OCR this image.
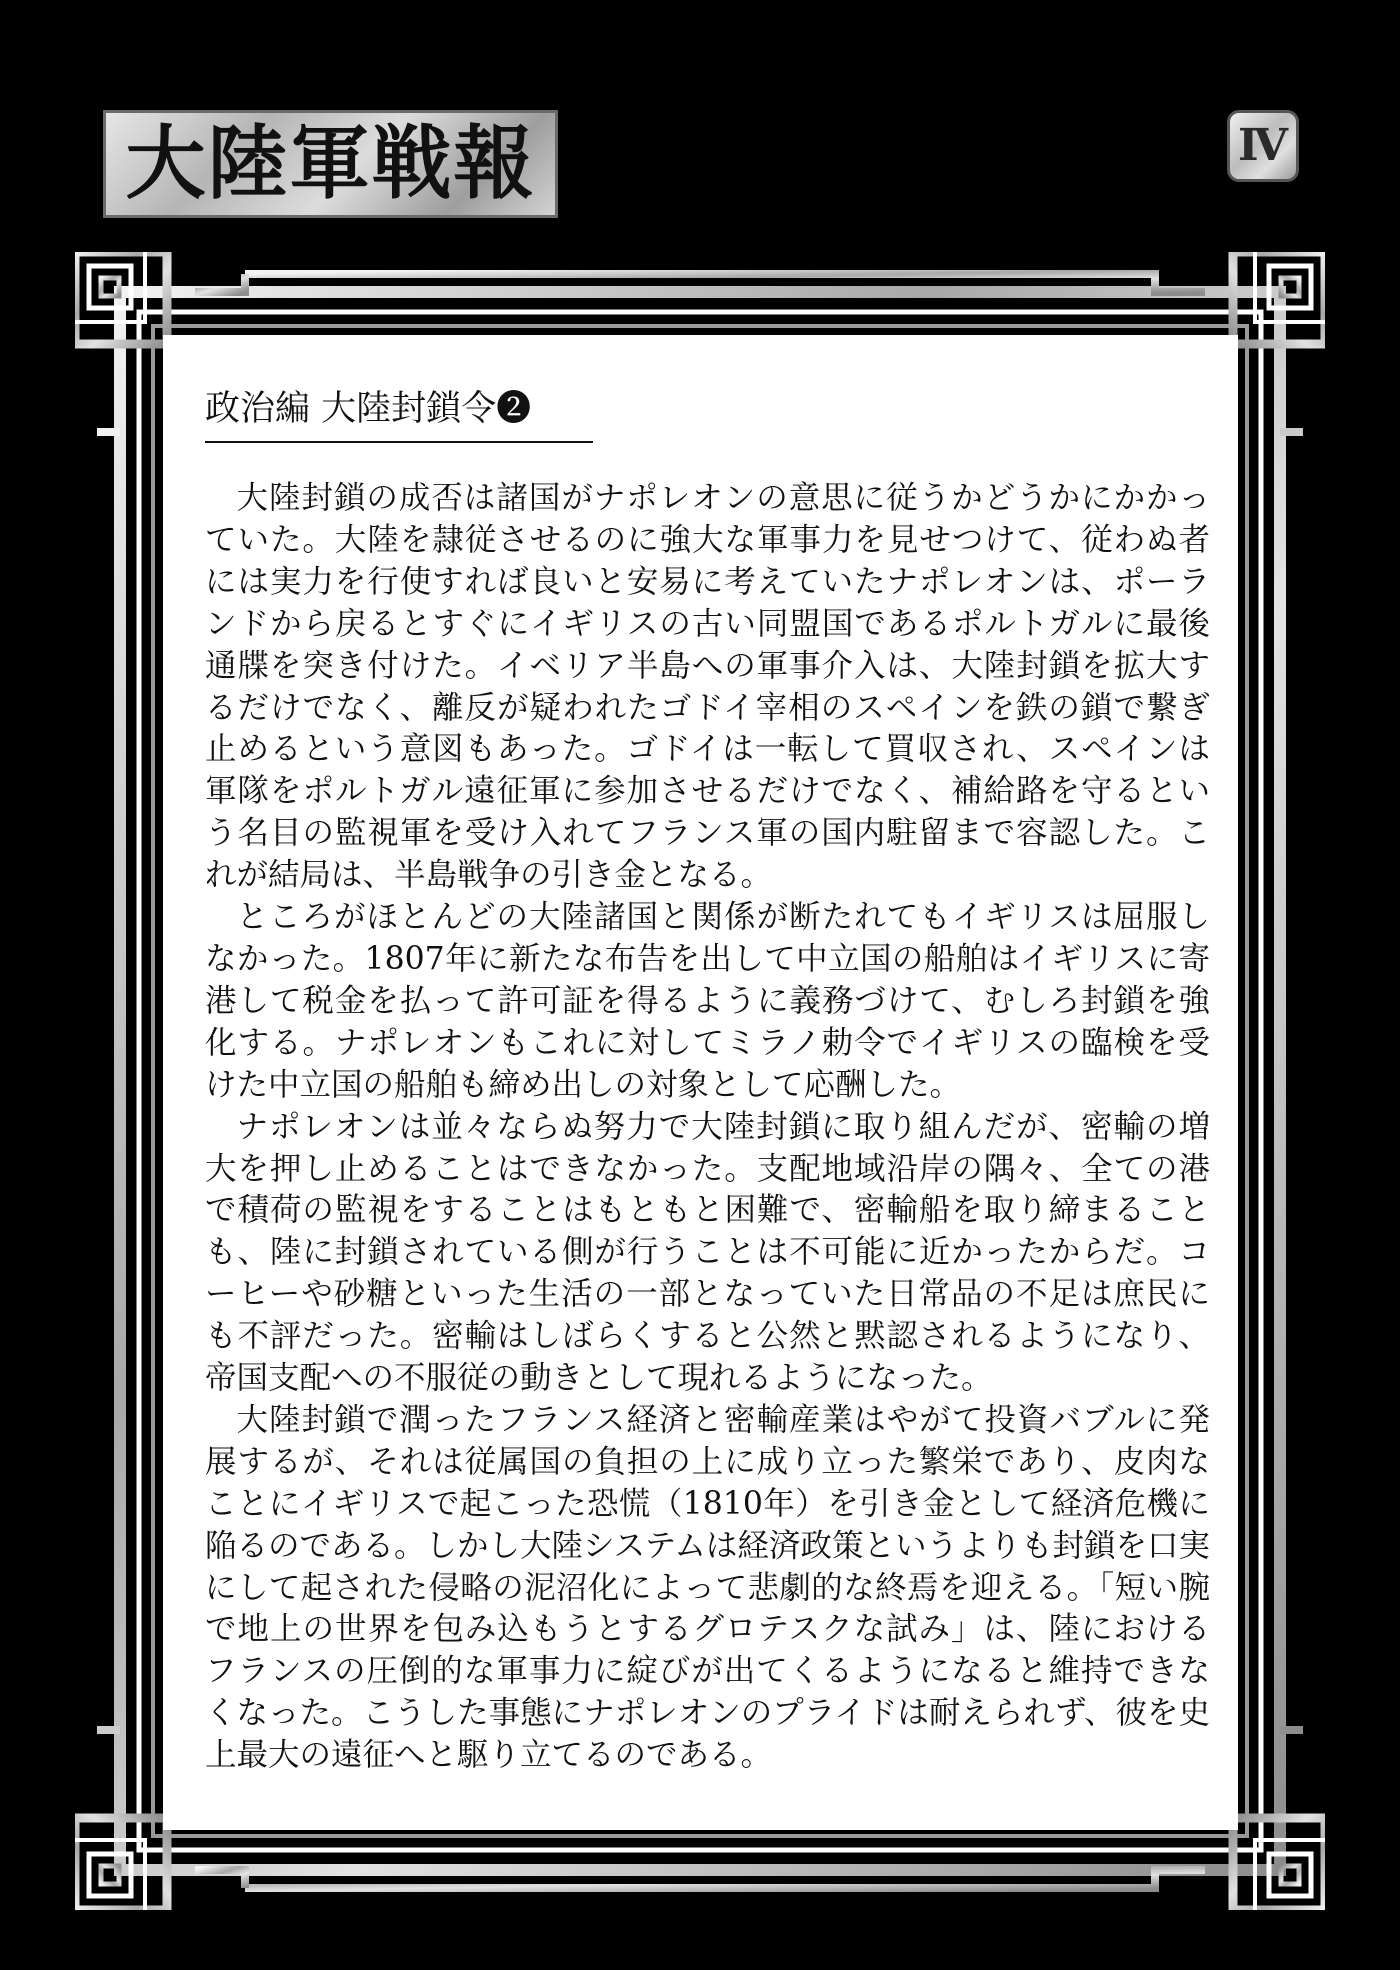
大陸軍戦報	Ⅳ
政治編 大陸封鎖令❷

大陸封鎖の成否は諸国がナポレオンの意思に従うかどうかにかかっていた。大陸を隷従させるのに強大な軍事力を見せつけて、従わぬ者には実力を行使すれば良いと安易に考えていたナポレオンは、ポーランドから戻るとすぐにイギリスの古い同盟国であるポルトガルに最後通牒を突き付けた。イベリア半島への軍事介入は、大陸封鎖を拡大するだけでなく、離反が疑われたゴドイ宰相のスペインを鉄の鎖で繋ぎ止めるという意図もあった。ゴドイは一転して買収され、スペインは軍隊をポルトガル遠征軍に参加させるだけでなく、補給路を守るという名目の監視軍を受け入れてフランス軍の国内駐留まで容認した。これが結局は、半島戦争の引き金となる。

ところがほとんどの大陸諸国と関係が断たれてもイギリスは屈服しなかった。1807年に新たな布告を出して中立国の船舶はイギリスに寄港して税金を払って許可証を得るように義務づけて、むしろ封鎖を強化する。ナポレオンもこれに対してミラノ勅令でイギリスの臨検を受けた中立国の船舶も締め出しの対象として応酬した。

ナポレオンは並々ならぬ努力で大陸封鎖に取り組んだが、密輸の増大を押し止めることはできなかった。支配地域沿岸の隅々、全ての港で積荷の監視をすることはもともと困難で、密輸船を取り締まることも、陸に封鎖されている側が行うことは不可能に近かったからだ。コーヒーや砂糖といった生活の一部となっていた日常品の不足は庶民にも不評だった。密輸はしばらくすると公然と黙認されるようになり、帝国支配への不服従の動きとして現れるようになった。

大陸封鎖で潤ったフランス経済と密輸産業はやがて投資バブルに発展するが、それは従属国の負担の上に成り立った繁栄であり、皮肉なことにイギリスで起こった恐慌（1810年）を引き金として経済危機に陥るのである。しかし大陸システムは経済政策というよりも封鎖を口実にして起された侵略の泥沼化によって悲劇的な終焉を迎える。「短い腕で地上の世界を包み込もうとするグロテスクな試み」は、陸におけるフランスの圧倒的な軍事力に綻びが出てくるようになると維持できなくなった。こうした事態にナポレオンのプライドは耐えられず、彼を史上最大の遠征へと駆り立てるのである。
